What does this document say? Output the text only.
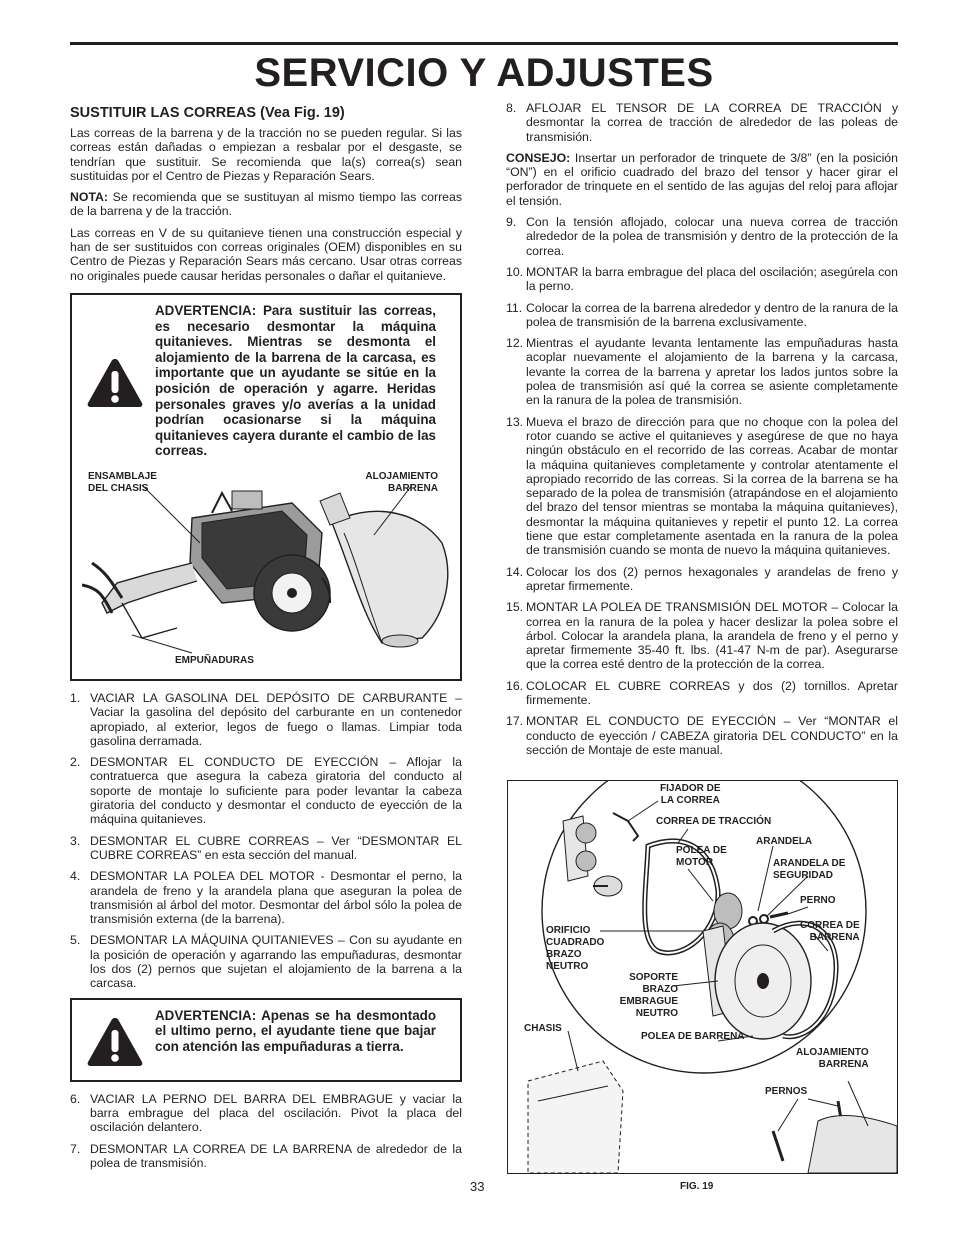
SERVICIO Y ADJUSTES
SUSTITUIR LAS CORREAS (Vea Fig. 19)

Las correas de la barrena y de la tracción no se pueden regular. Si las correas están dañadas o empiezan a resbalar por el desgaste, se tendrían que sustituir. Se recomienda que la(s) correa(s) sean sustituidas por el Centro de Piezas y Reparación Sears.

NOTA: Se recomienda que se sustituyan al mismo tiempo las correas de la barrena y de la tracción.

Las correas en V de su quitanieve tienen una construcción especial y han de ser sustituidos con correas originales (OEM) disponibles en su Centro de Piezas y Reparación Sears más cercano. Usar otras correas no originales puede causar heridas personales o dañar el quitanieve.

ADVERTENCIA: Para sustituir las correas, es necesario desmontar la máquina quitanieves. Mientras se desmonta el alojamiento de la barrena de la carcasa, es importante que un ayudante se sitúe en la posición de operación y agarre. Heridas personales graves y/o averías a la unidad podrían ocasionarse si la máquina quitanieves cayera durante el cambio de las correas.
ENSAMBLAJE
DEL CHASIS
ALOJAMIENTO
BARRENA
EMPUÑADURAS
1. VACIAR LA GASOLINA DEL DEPÓSITO DE CARBURANTE – Vaciar la gasolina del depósito del carburante en un contenedor apropiado, al exterior, legos de fuego o llamas. Limpiar toda gasolina derramada.
2. DESMONTAR EL CONDUCTO DE EYECCIÓN – Aflojar la contratuerca que asegura la cabeza giratoria del conducto al soporte de montaje lo suficiente para poder levantar la cabeza giratoria del conducto y desmontar el conducto de eyección de la máquina quitanieves.
3. DESMONTAR EL CUBRE CORREAS – Ver “DESMONTAR EL CUBRE CORREAS” en esta sección del manual.
4. DESMONTAR LA POLEA DEL MOTOR - Desmontar el perno, la arandela de freno y la arandela plana que aseguran la polea de transmisión al árbol del motor. Desmontar del árbol sólo la polea de transmisión externa (de la barrena).
5. DESMONTAR LA MÁQUINA QUITANIEVES – Con su ayudante en la posición de operación y agarrando las empuñaduras, desmontar los dos (2) pernos que sujetan el alojamiento de la barrena a la carcasa.
ADVERTENCIA: Apenas se ha desmontado el ultimo perno, el ayudante tiene que bajar con atención las empuñaduras a tierra.
6. VACIAR LA PERNO DEL BARRA DEL EMBRAGUE y vaciar la barra embrague del placa del oscilación. Pivot la placa del oscilación delantero.
7. DESMONTAR LA CORREA DE LA BARRENA de alrededor de la polea de transmisión.
8. AFLOJAR EL TENSOR DE LA CORREA DE TRACCIÓN y desmontar la correa de tracción de alrededor de las poleas de transmisión.

CONSEJO: Insertar un perforador de trinquete de 3/8” (en la posición “ON”) en el orificio cuadrado del brazo del tensor y hacer girar el perforador de trinquete en el sentido de las agujas del reloj para aflojar el tensión.

9. Con la tensión aflojado, colocar una nueva correa de tracción alrededor de la polea de transmisión y dentro de la protección de la correa.
10. MONTAR la barra embrague del placa del oscilación; asegúrela con la perno.
11. Colocar la correa de la barrena alrededor y dentro de la ranura de la polea de transmisión de la barrena exclusivamente.
12. Mientras el ayudante levanta lentamente las empuñaduras hasta acoplar nuevamente el alojamiento de la barrena y la carcasa, levante la correa de la barrena y apretar los lados juntos sobre la polea de transmisión así qué la correa se asiente completamente en la ranura de la polea de transmisión.
13. Mueva el brazo de dirección para que no choque con la polea del rotor cuando se active el quitanieves y asegúrese de que no haya ningún obstáculo en el recorrido de las correas. Acabar de montar la máquina quitanieves completamente y controlar atentamente el apropiado recorrido de las correas. Si la correa de la barrena se ha separado de la polea de transmisión (atrapándose en el alojamiento del brazo del tensor mientras se montaba la máquina quitanieves), desmontar la máquina quitanieves y repetir el punto 12. La correa tiene que estar completamente asentada en la ranura de la polea de transmisión cuando se monta de nuevo la máquina quitanieves.
14. Colocar los dos (2) pernos hexagonales y arandelas de freno y apretar firmemente.
15. MONTAR LA POLEA DE TRANSMISIÓN DEL MOTOR – Colocar la correa en la ranura de la polea y hacer deslizar la polea sobre el árbol. Colocar la arandela plana, la arandela de freno y el perno y apretar firmemente 35-40 ft. lbs. (41-47 N-m de par). Asegurarse que la correa esté dentro de la protección de la correa.
16. COLOCAR EL CUBRE CORREAS y dos (2) tornillos. Apretar firmemente.
17. MONTAR EL CONDUCTO DE EYECCIÓN – Ver “MONTAR el conducto de eyección / CABEZA giratoria DEL CONDUCTO” en la sección de Montaje de este manual.
FIJADOR DE
LA CORREA
CORREA DE TRACCIÓN
ARANDELA
POLEA DE
MOTOR	ARANDELA DE
SEGURIDAD
PERNO
CORREA DE
BARRENA
ORIFICIO
CUADRADO
BRAZO
NEUTRO
SOPORTE
BRAZO
EMBRAGUE
NEUTRO
CHASIS
POLEA DE BARRENA
ALOJAMIENTO
BARRENA
PERNOS
33	FIG. 19
